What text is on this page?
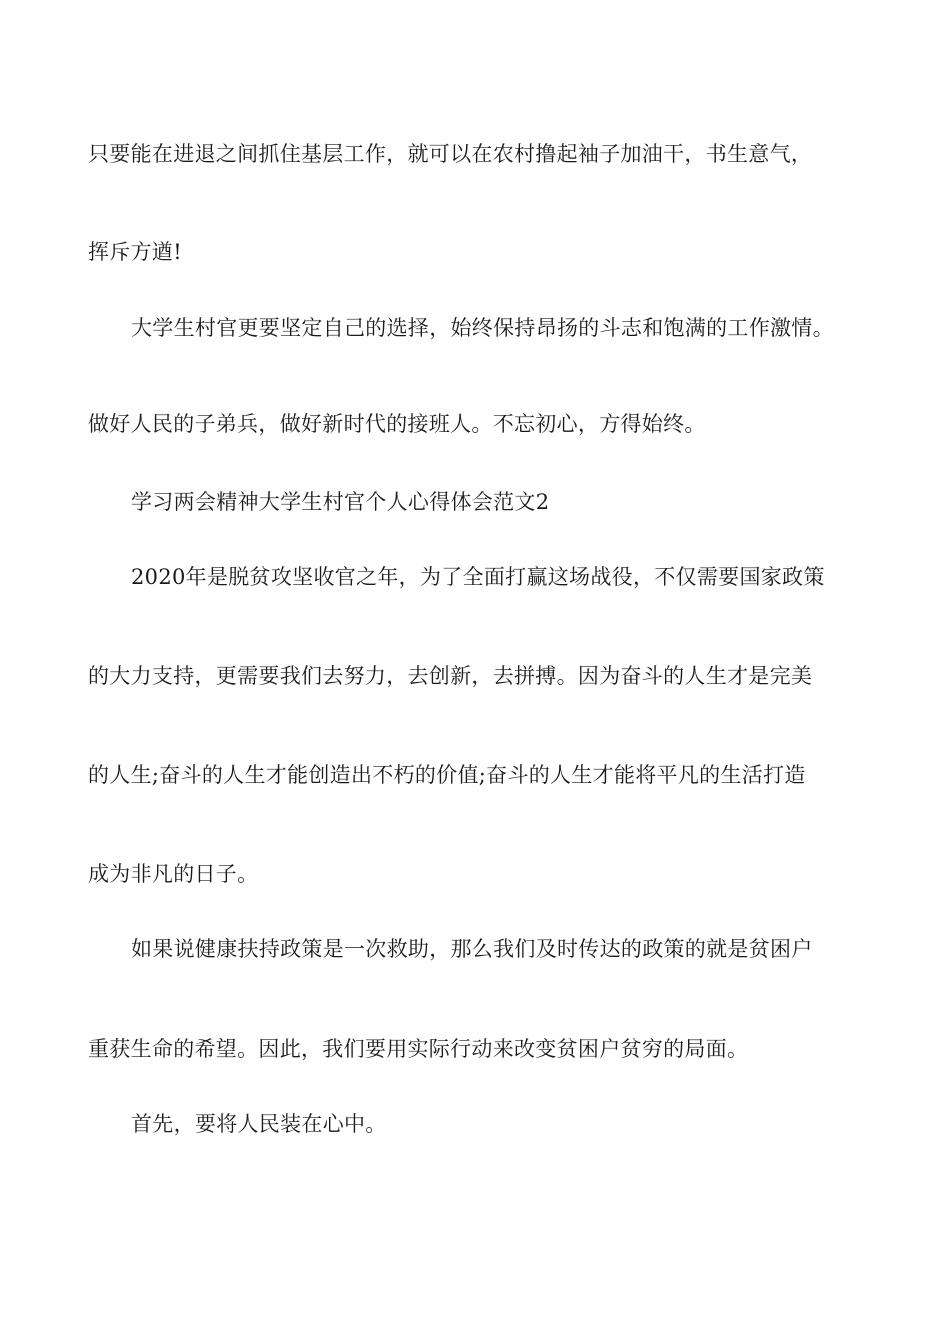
只要能在进退之间抓住基层工作，就可以在农村撸起袖子加油干，书生意气，
挥斥方遒!
大学生村官更要坚定自己的选择，始终保持昂扬的斗志和饱满的工作激情。
做好人民的子弟兵，做好新时代的接班人。不忘初心，方得始终。
学习两会精神大学生村官个人心得体会范文2
2020年是脱贫攻坚收官之年，为了全面打赢这场战役，不仅需要国家政策
的大力支持，更需要我们去努力，去创新，去拼搏。因为奋斗的人生才是完美
的人生;奋斗的人生才能创造出不朽的价值;奋斗的人生才能将平凡的生活打造
成为非凡的日子。
如果说健康扶持政策是一次救助，那么我们及时传达的政策的就是贫困户
重获生命的希望。因此，我们要用实际行动来改变贫困户贫穷的局面。
首先，要将人民装在心中。
